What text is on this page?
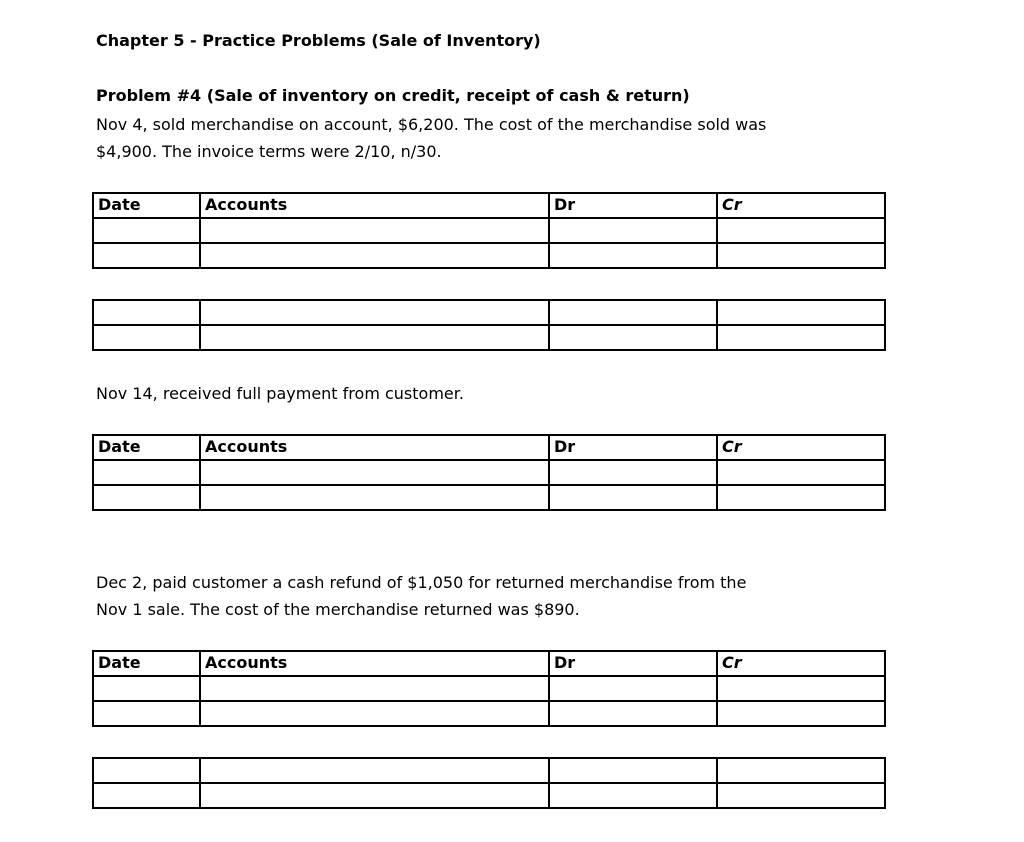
Chapter 5 - Practice Problems (Sale of Inventory)
Problem #4 (Sale of inventory on credit, receipt of cash & return)
Nov 4, sold merchandise on account, $6,200. The cost of the merchandise sold was
$4,900. The invoice terms were 2/10, n/30.
Date	Accounts	Dr	Cr

Nov 14, received full payment from customer.
Date	Accounts	Dr	Cr

Dec 2, paid customer a cash refund of $1,050 for returned merchandise from the
Nov 1 sale. The cost of the merchandise returned was $890.
Date	Accounts	Dr	Cr
